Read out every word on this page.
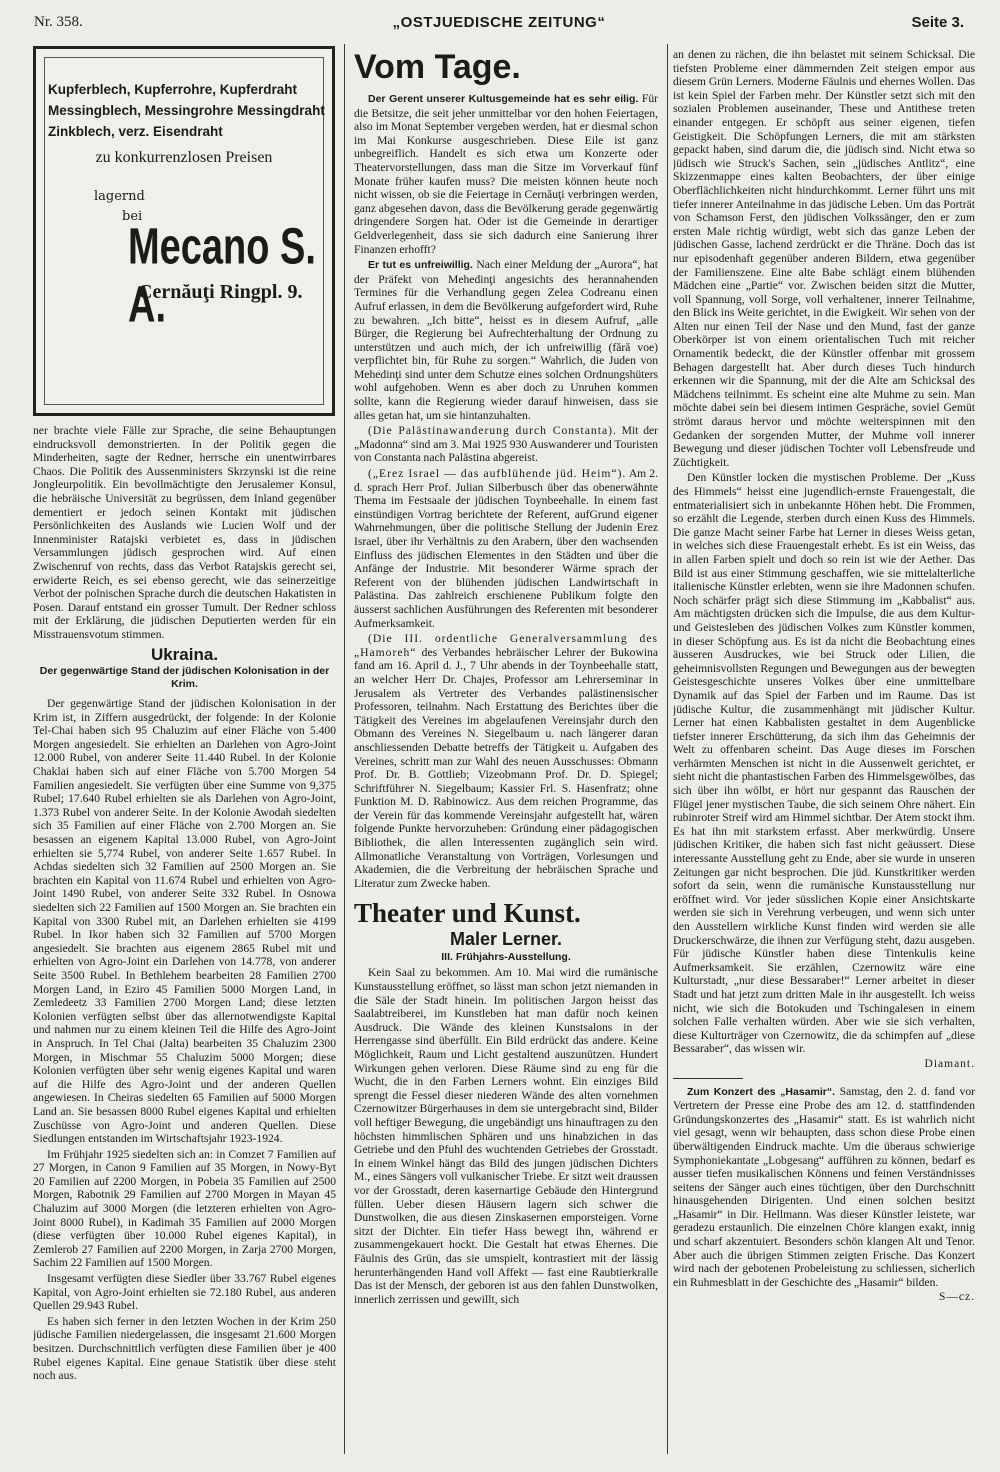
Nr. 358.	„OSTJUEDISCHE ZEITUNG“	Seite 3.
Kupferblech, Kupferrohre, Kupferdraht
Messingblech, Messingrohre Messingdraht
Zinkblech, verz. Eisendraht
zu konkurrenzlosen Preisen
lagernd
bei
Mecano S. A.
Cernăuţi Ringpl. 9.

ner brachte viele Fälle zur Sprache, die seine Behauptungen eindrucksvoll demonstrierten. In der Politik gegen die Minderheiten, sagte der Redner, herrsche ein unentwirrbares Chaos. Die Politik des Aussenministers Skrzynski ist die reine Jongleurpolitik. Ein bevollmächtigte den Jerusalemer Konsul, die hebräische Universität zu begrüssen, dem Inland gegenüber dementiert er jedoch seinen Kontakt mit jüdischen Persönlichkeiten des Auslands wie Lucien Wolf und der Innenminister Ratajski verbietet es, dass in jüdischen Versammlungen jüdisch gesprochen wird. Auf einen Zwischenruf von rechts, dass das Verbot Ratajskis gerecht sei, erwiderte Reich, es sei ebenso gerecht, wie das seinerzeitige Verbot der polnischen Sprache durch die deutschen Hakatisten in Posen. Darauf entstand ein grosser Tumult. Der Redner schloss mit der Erklärung, die jüdischen Deputierten werden für ein Misstrauensvotum stimmen.

Ukraina.
Der gegenwärtige Stand der jüdischen Kolonisation in der Krim.

Der gegenwärtige Stand der jüdischen Kolonisation in der Krim ist, in Ziffern ausgedrückt, der folgende: In der Kolonie Tel-Chai haben sich 95 Chaluzim auf einer Fläche von 5.400 Morgen angesiedelt. Sie erhielten an Darlehen von Agro-Joint 12.000 Rubel, von anderer Seite 11.440 Rubel. In der Kolonie Chaklai haben sich auf einer Fläche von 5.700 Morgen 54 Familien angesiedelt. Sie verfügten über eine Summe von 9,375 Rubel; 17.640 Rubel erhielten sie als Darlehen von Agro-Joint, 1.373 Rubel von anderer Seite. In der Kolonie Awodah siedelten sich 35 Familien auf einer Fläche von 2.700 Morgen an. Sie besassen an eigenem Kapital 13.000 Rubel, von Agro-Joint erhielten sie 5,774 Rubel, von anderer Seite 1.657 Rubel. In Achdas siedelten sich 32 Familien auf 2500 Morgen an. Sie brachten ein Kapital von 11.674 Rubel und erhielten von Agro-Joint 1490 Rubel, von anderer Seite 332 Rubel. In Osnowa siedelten sich 22 Familien auf 1500 Morgen an. Sie brachten ein Kapital von 3300 Rubel mit, an Darlehen erhielten sie 4199 Rubel. In Ikor haben sich 32 Familien auf 5700 Morgen angesiedelt. Sie brachten aus eigenem 2865 Rubel mit und erhielten von Agro-Joint ein Darlehen von 14.778, von anderer Seite 3500 Rubel. In Bethlehem bearbeiten 28 Familien 2700 Morgen Land, in Eziro 45 Familien 5000 Morgen Land, in Zemledeetz 33 Familien 2700 Morgen Land; diese letzten Kolonien verfügten selbst über das allernotwendigste Kapital und nahmen nur zu einem kleinen Teil die Hilfe des Agro-Joint in Anspruch. In Tel Chai (Jalta) bearbeiten 35 Chaluzim 2300 Morgen, in Mischmar 55 Chaluzim 5000 Morgen; diese Kolonien verfügten über sehr wenig eigenes Kapital und waren auf die Hilfe des Agro-Joint und der anderen Quellen angewiesen. In Cheiras siedelten 65 Familien auf 5000 Morgen Land an. Sie besassen 8000 Rubel eigenes Kapital und erhielten Zuschüsse von Agro-Joint und anderen Quellen. Diese Siedlungen entstanden im Wirtschaftsjahr 1923-1924.

Im Frühjahr 1925 siedelten sich an: in Comzet 7 Familien auf 27 Morgen, in Canon 9 Familien auf 35 Morgen, in Nowy-Byt 20 Familien auf 2200 Morgen, in Pobeia 35 Familien auf 2500 Morgen, Rabotnik 29 Familien auf 2700 Morgen in Mayan 45 Chaluzim auf 3000 Morgen (die letzteren erhielten von Agro-Joint 8000 Rubel), in Kadimah 35 Familien auf 2000 Morgen (diese verfügten über 10.000 Rubel eigenes Kapital), in Zemlerob 27 Familien auf 2200 Morgen, in Zarja 2700 Morgen, Sachim 22 Familien auf 1500 Morgen.

Insgesamt verfügten diese Siedler über 33.767 Rubel eigenes Kapital, von Agro-Joint erhielten sie 72.180 Rubel, aus anderen Quellen 29.943 Rubel.

Es haben sich ferner in den letzten Wochen in der Krim 250 jüdische Familien niedergelassen, die insgesamt 21.600 Morgen besitzen. Durchschnittlich verfügten diese Familien über je 400 Rubel eigenes Kapital. Eine genaue Statistik über diese steht noch aus.

Vom Tage.

Der Gerent unserer Kultusgemeinde hat es sehr eilig. Für die Betsitze, die seit jeher unmittelbar vor den hohen Feiertagen, also im Monat September vergeben werden, hat er diesmal schon im Mai Konkurse ausgeschrieben. Diese Eile ist ganz unbegreiflich. Handelt es sich etwa um Konzerte oder Theatervorstellungen, dass man die Sitze im Vorverkauf fünf Monate früher kaufen muss? Die meisten können heute noch nicht wissen, ob sie die Feiertage in Cernăuţi verbringen werden, ganz abgesehen davon, dass die Bevölkerung gerade gegenwärtig dringendere Sorgen hat. Oder ist die Gemeinde in derartiger Geldverlegenheit, dass sie sich dadurch eine Sanierung ihrer Finanzen erhofft?

Er tut es unfreiwillig. Nach einer Meldung der „Aurora“, hat der Präfekt von Mehedinţi angesichts des herannahenden Termines für die Verhandlung gegen Zelea Codreanu einen Aufruf erlassen, in dem die Bevölkerung aufgefordert wird, Ruhe zu bewahren. „Ich bitte“, heisst es in diesem Aufruf, „alle Bürger, die Regierung bei Aufrechterhaltung der Ordnung zu unterstützen und auch mich, der ich unfreiwillig (fără voe) verpflichtet bin, für Ruhe zu sorgen.“ Wahrlich, die Juden von Mehedinţi sind unter dem Schutze eines solchen Ordnungshüters wohl aufgehoben. Wenn es aber doch zu Unruhen kommen sollte, kann die Regierung wieder darauf hinweisen, dass sie alles getan hat, um sie hintanzuhalten.

(Die Palästinawanderung durch Constanta). Mit der „Madonna“ sind am 3. Mai 1925 930 Auswanderer und Touristen von Constanta nach Palästina abgereist.

(„Erez Israel — das aufblühende jüd. Heim“). Am 2. d. sprach Herr Prof. Julian Silberbusch über das obenerwähnte Thema im Festsaale der jüdischen Toynbeehalle. In einem fast einstündigen Vortrag berichtete der Referent, aufGrund eigener Wahrnehmungen, über die politische Stellung der Judenin Erez Israel, über ihr Verhältnis zu den Arabern, über den wachsenden Einfluss des jüdischen Elementes in den Städten und über die Anfänge der Industrie. Mit besonderer Wärme sprach der Referent von der blühenden jüdischen Landwirtschaft in Palästina. Das zahlreich erschienene Publikum folgte den äusserst sachlichen Ausführungen des Referenten mit besonderer Aufmerksamkeit.

(Die III. ordentliche Generalversammlung des „Hamoreh“ des Verbandes hebräischer Lehrer der Bukowina fand am 16. April d. J., 7 Uhr abends in der Toynbeehalle statt, an welcher Herr Dr. Chajes, Professor am Lehrerseminar in Jerusalem als Vertreter des Verbandes palästinensischer Professoren, teilnahm. Nach Erstattung des Berichtes über die Tätigkeit des Vereines im abgelaufenen Vereinsjahr durch den Obmann des Vereines N. Siegelbaum u. nach längerer daran anschliessenden Debatte betreffs der Tätigkeit u. Aufgaben des Vereines, schritt man zur Wahl des neuen Ausschusses: Obmann Prof. Dr. B. Gottlieb; Vizeobmann Prof. Dr. D. Spiegel; Schriftführer N. Siegelbaum; Kassier Frl. S. Hasenfratz; ohne Funktion M. D. Rabinowicz. Aus dem reichen Programme, das der Verein für das kommende Vereinsjahr aufgestellt hat, wären folgende Punkte hervorzuheben: Gründung einer pädagogischen Bibliothek, die allen Interessenten zugänglich sein wird. Allmonatliche Veranstaltung von Vorträgen, Vorlesungen und Akademien, die die Verbreitung der hebräischen Sprache und Literatur zum Zwecke haben.

Theater und Kunst.
Maler Lerner.
III. Frühjahrs-Ausstellung.

Kein Saal zu bekommen. Am 10. Mai wird die rumänische Kunstausstellung eröffnet, so lässt man schon jetzt niemanden in die Säle der Stadt hinein. Im politischen Jargon heisst das Saalabtreiberei, im Kunstleben hat man dafür noch keinen Ausdruck. Die Wände des kleinen Kunstsalons in der Herrengasse sind überfüllt. Ein Bild erdrückt das andere. Keine Möglichkeit, Raum und Licht gestaltend auszunützen. Hundert Wirkungen gehen verloren. Diese Räume sind zu eng für die Wucht, die in den Farben Lerners wohnt. Ein einziges Bild sprengt die Fessel dieser niederen Wände des alten vornehmen Czernowitzer Bürgerhauses in dem sie untergebracht sind, Bilder voll heftiger Bewegung, die ungebändigt uns hinauftragen zu den höchsten himmlischen Sphären und uns hinabzichen in das Getriebe und den Pfuhl des wuchtenden Getriebes der Grosstadt. In einem Winkel hängt das Bild des jungen jüdischen Dichters M., eines Sängers voll vulkanischer Triebe. Er sitzt weit draussen vor der Grosstadt, deren kasernartige Gebäude den Hintergrund füllen. Ueber diesen Häusern lagern sich schwer die Dunstwolken, die aus diesen Zinskasernen emporsteigen. Vorne sitzt der Dichter. Ein tiefer Hass bewegt ihn, während er zusammengekauert hockt. Die Gestalt hat etwas Ehernes. Die Fäulnis des Grün, das sie umspielt, kontrastiert mit der lässig herunterhängenden Hand voll Affekt — fast eine Raubtierkralle Das ist der Mensch, der geboren ist aus den fahlen Dunstwolken, innerlich zerrissen und gewillt, sich

an denen zu rächen, die ihn belastet mit seinem Schicksal. Die tiefsten Probleme einer dämmernden Zeit steigen empor aus diesem Grün Lerners. Moderne Fäulnis und ehernes Wollen. Das ist kein Spiel der Farben mehr. Der Künstler setzt sich mit den sozialen Problemen auseinander, These und Antithese treten einander entgegen. Er schöpft aus seiner eigenen, tiefen Geistigkeit. Die Schöpfungen Lerners, die mit am stärksten gepackt haben, sind darum die, die jüdisch sind. Nicht etwa so jüdisch wie Struck's Sachen, sein „jüdisches Antlitz“, eine Skizzenmappe eines kalten Beobachters, der über einige Oberflächlichkeiten nicht hindurchkommt. Lerner führt uns mit tiefer innerer Anteilnahme in das jüdische Leben. Um das Porträt von Schamson Ferst, den jüdischen Volkssänger, den er zum ersten Male richtig würdigt, webt sich das ganze Leben der jüdischen Gasse, lachend zerdrückt er die Thräne. Doch das ist nur episodenhaft gegenüber anderen Bildern, etwa gegenüber der Familienszene. Eine alte Babe schlägt einem blühenden Mädchen eine „Partie“ vor. Zwischen beiden sitzt die Mutter, voll Spannung, voll Sorge, voll verhaltener, innerer Teilnahme, den Blick ins Weite gerichtet, in die Ewigkeit. Wir sehen von der Alten nur einen Teil der Nase und den Mund, fast der ganze Oberkörper ist von einem orientalischen Tuch mit reicher Ornamentik bedeckt, die der Künstler offenbar mit grossem Behagen dargestellt hat. Aber durch dieses Tuch hindurch erkennen wir die Spannung, mit der die Alte am Schicksal des Mädchens teilnimmt. Es scheint eine alte Muhme zu sein. Man möchte dabei sein bei diesem intimen Gespräche, soviel Gemüt strömt daraus hervor und möchte weiterspinnen mit den Gedanken der sorgenden Mutter, der Muhme voll innerer Bewegung und dieser jüdischen Tochter voll Lebensfreude und Züchtigkeit.

Den Künstler locken die mystischen Probleme. Der „Kuss des Himmels“ heisst eine jugendlich-ernste Frauengestalt, die entmaterialisiert sich in unbekannte Höhen hebt. Die Frommen, so erzählt die Legende, sterben durch einen Kuss des Himmels. Die ganze Macht seiner Farbe hat Lerner in dieses Weiss getan, in welches sich diese Frauengestalt erhebt. Es ist ein Weiss, das in allen Farben spielt und doch so rein ist wie der Aether. Das Bild ist aus einer Stimmung geschaffen, wie sie mittelalterliche italienische Künstler erlebten, wenn sie ihre Madonnen schufen. Noch schärfer prägt sich diese Stimmung im „Kabbalist“ aus. Am mächtigsten drücken sich die Impulse, die aus dem Kultur- und Geistesleben des jüdischen Volkes zum Künstler kommen, in dieser Schöpfung aus. Es ist da nicht die Beobachtung eines äusseren Ausdruckes, wie bei Struck oder Lilien, die geheimnisvollsten Regungen und Bewegungen aus der bewegten Geistesgeschichte unseres Volkes über eine unmittelbare Dynamik auf das Spiel der Farben und im Raume. Das ist jüdische Kultur, die zusammenhängt mit jüdischer Kultur. Lerner hat einen Kabbalisten gestaltet in dem Augenblicke tiefster innerer Erschütterung, da sich ihm das Geheimnis der Welt zu offenbaren scheint. Das Auge dieses im Forschen verhärmten Menschen ist nicht in die Aussenwelt gerichtet, er sieht nicht die phantastischen Farben des Himmelsgewölbes, das sich über ihn wölbt, er hört nur gespannt das Rauschen der Flügel jener mystischen Taube, die sich seinem Ohre nähert. Ein rubinroter Streif wird am Himmel sichtbar. Der Atem stockt ihm. Es hat ihn mit starkstem erfasst. Aber merkwürdig. Unsere jüdischen Kritiker, die haben sich fast nicht geäussert. Diese interessante Ausstellung geht zu Ende, aber sie wurde in unseren Zeitungen gar nicht besprochen. Die jüd. Kunstkritiker werden sofort da sein, wenn die rumänische Kunstausstellung nur eröffnet wird. Vor jeder süsslichen Kopie einer Ansichtskarte werden sie sich in Verehrung verbeugen, und wenn sich unter den Ausstellern wirkliche Kunst finden wird werden sie alle Druckerschwärze, die ihnen zur Verfügung steht, dazu ausgeben. Für jüdische Künstler haben diese Tintenkulis keine Aufmerksamkeit. Sie erzählen, Czernowitz wäre eine Kulturstadt, „nur diese Bessaraber!“ Lerner arbeitet in dieser Stadt und hat jetzt zum dritten Male in ihr ausgestellt. Ich weiss nicht, wie sich die Botokuden und Tschingalesen in einem solchen Falle verhalten würden. Aber wie sie sich verhalten, diese Kulturträger von Czernowitz, die da schimpfen auf „diese Bessaraber“, das wissen wir.

Diamant.

Zum Konzert des „Hasamir“. Samstag, den 2. d. fand vor Vertretern der Presse eine Probe des am 12. d. stattfindenden Gründungskonzertes des „Hasamir“ statt. Es ist wahrlich nicht viel gesagt, wenn wir behaupten, dass schon diese Probe einen überwältigenden Eindruck machte. Um die überaus schwierige Symphoniekantate „Lobgesang“ aufführen zu können, bedarf es ausser tiefen musikalischen Könnens und feinen Verständnisses seitens der Sänger auch eines tüchtigen, über den Durchschnitt hinausgehenden Dirigenten. Und einen solchen besitzt „Hasamir“ in Dir. Hellmann. Was dieser Künstler leistete, war geradezu erstaunlich. Die einzelnen Chöre klangen exakt, innig und scharf akzentuiert. Besonders schön klangen Alt und Tenor. Aber auch die übrigen Stimmen zeigten Frische. Das Konzert wird nach der gebotenen Probeleistung zu schliessen, sicherlich ein Ruhmesblatt in der Geschichte des „Hasamir“ bilden.

S—cz.
